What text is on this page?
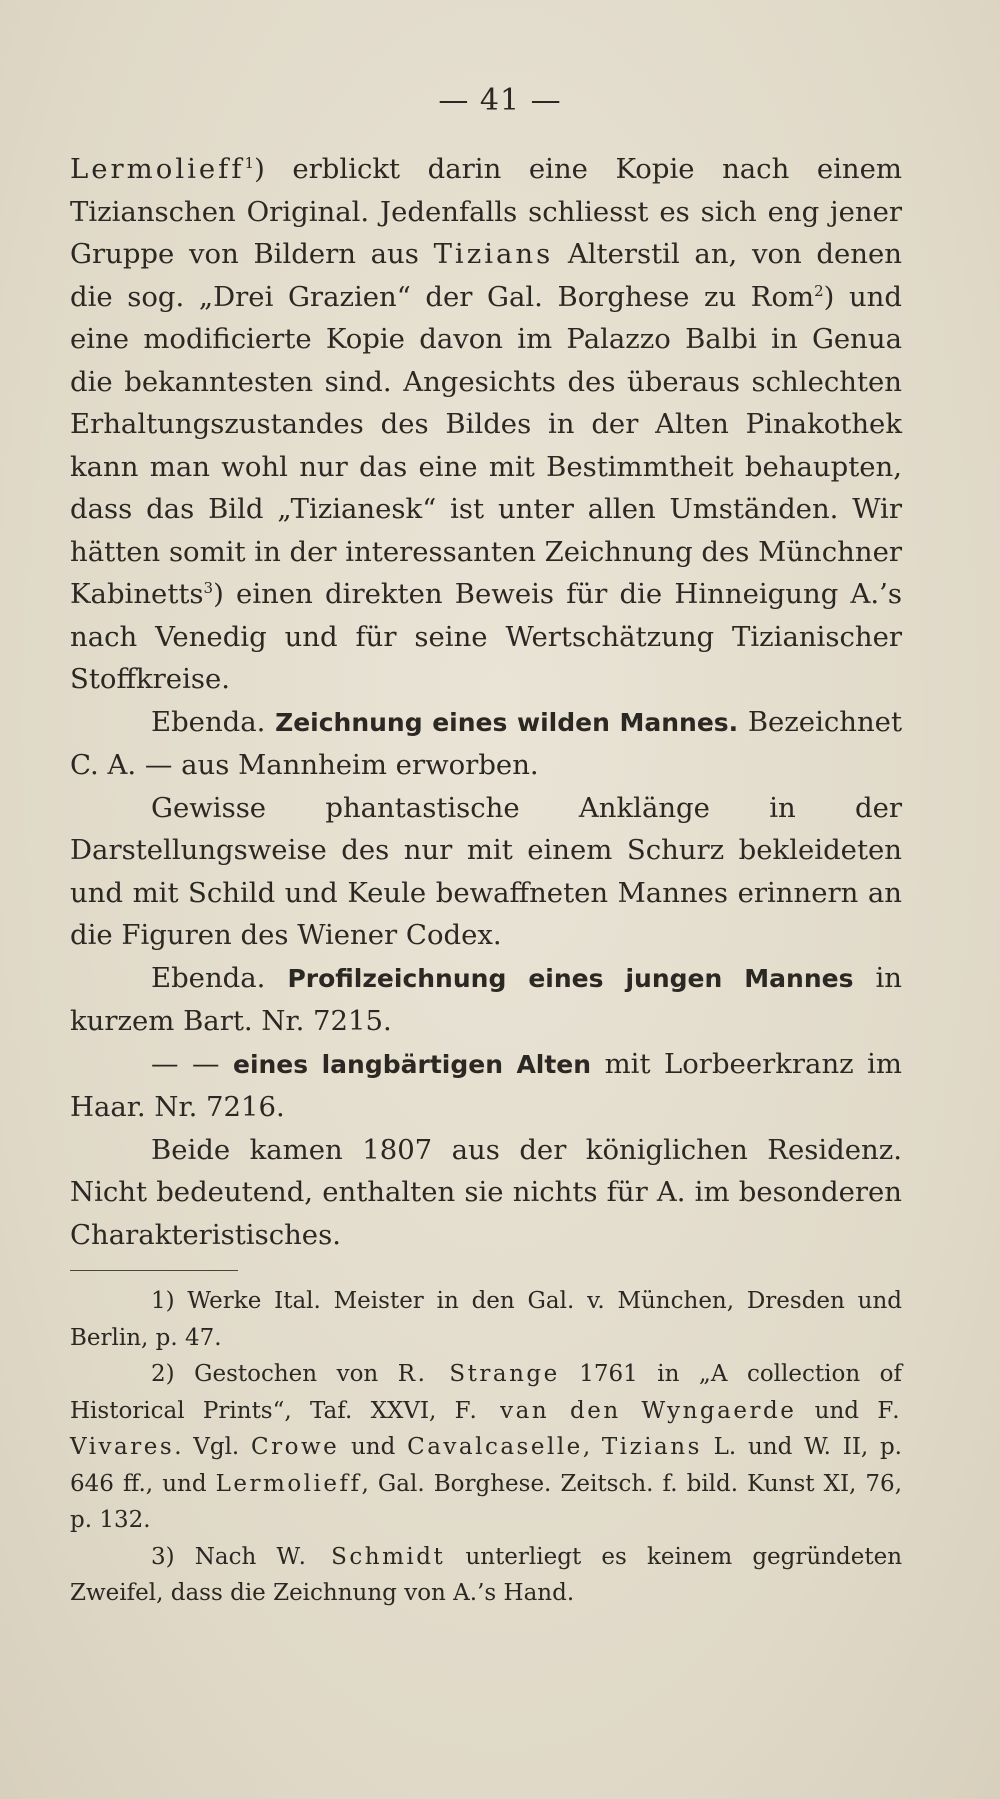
— 41 —

Lermolieff$^1$) erblickt darin eine Kopie nach einem Tizianschen Original. Jedenfalls schliesst es sich eng jener Gruppe von Bildern aus Tizians Alterstil an, von denen die sog. „Drei Grazien“ der Gal. Borghese zu Rom$^2$) und eine modificierte Kopie davon im Palazzo Balbi in Genua die bekanntesten sind. Angesichts des überaus schlechten Erhaltungszustandes des Bildes in der Alten Pinakothek kann man wohl nur das eine mit Bestimmtheit behaupten, dass das Bild „Tizianesk“ ist unter allen Umständen. Wir hätten somit in der interessanten Zeichnung des Münchner Kabinetts$^3$) einen direkten Beweis für die Hinneigung A.’s nach Venedig und für seine Wertschätzung Tizianischer Stoffkreise.

Ebenda. Zeichnung eines wilden Mannes. Bezeichnet C. A. — aus Mannheim erworben.

Gewisse phantastische Anklänge in der Darstellungsweise des nur mit einem Schurz bekleideten und mit Schild und Keule bewaffneten Mannes erinnern an die Figuren des Wiener Codex.

Ebenda. Profilzeichnung eines jungen Mannes in kurzem Bart. Nr. 7215.

— — eines langbärtigen Alten mit Lorbeerkranz im Haar. Nr. 7216.

Beide kamen 1807 aus der königlichen Residenz. Nicht bedeutend, enthalten sie nichts für A. im besonderen Charakteristisches.

1) Werke Ital. Meister in den Gal. v. München, Dresden und Berlin, p. 47.

2) Gestochen von R. Strange 1761 in „A collection of Historical Prints“, Taf. XXVI, F. van den Wyngaerde und F. Vivares. Vgl. Crowe und Cavalcaselle, Tizians L. und W. II, p. 646 ff., und Lermolieff, Gal. Borghese. Zeitsch. f. bild. Kunst XI, 76, p. 132.

3) Nach W. Schmidt unterliegt es keinem gegründeten Zweifel, dass die Zeichnung von A.’s Hand.
